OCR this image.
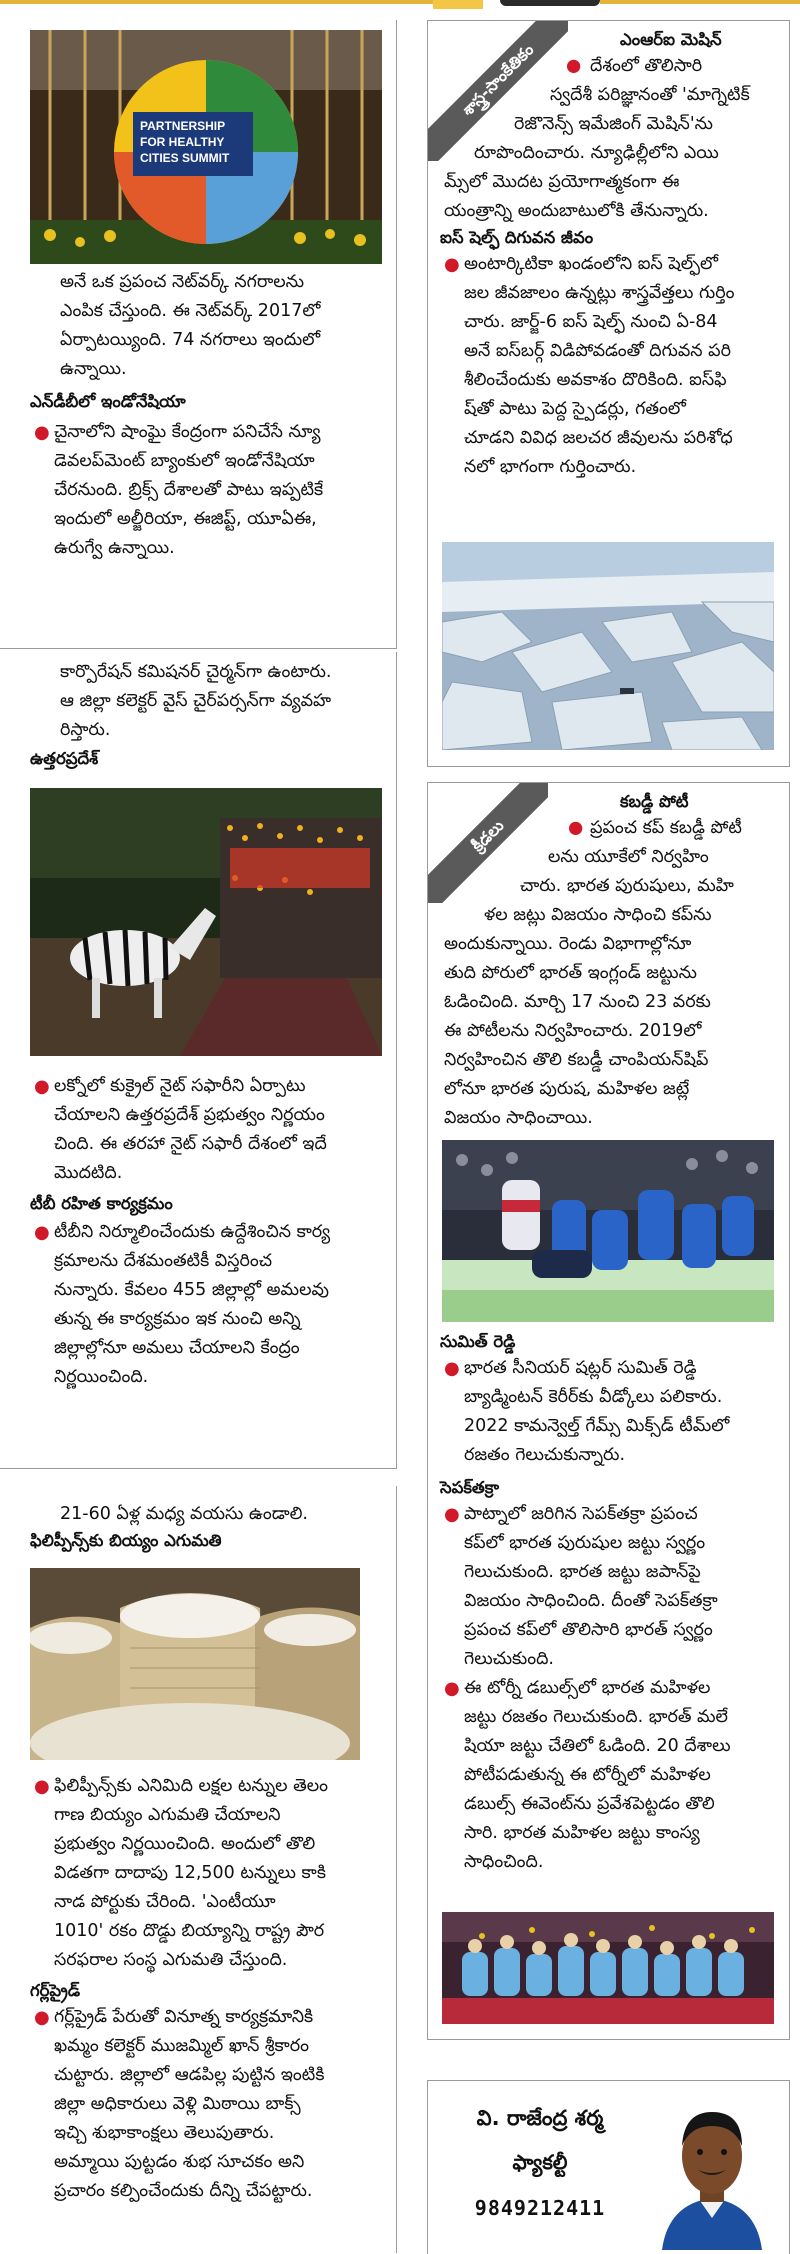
PARTNERSHIP
FOR HEALTHY
CITIES SUMMIT
అనే ఒక ప్రపంచ నెట్‌వర్క్ నగరాలను
ఎంపిక చేస్తుంది. ఈ నెట్‌వర్క్ 2017లో
ఏర్పాటయ్యింది. 74 నగరాలు ఇందులో
ఉన్నాయి.
ఎన్‌డీబీలో ఇండోనేషియా
● చైనాలోని షాంఘై కేంద్రంగా పనిచేసే న్యూ
డెవలప్‌మెంట్ బ్యాంకులో ఇండోనేషియా
చేరనుంది. బ్రిక్స్ దేశాలతో పాటు ఇప్పటికే
ఇందులో అల్జీరియా, ఈజిప్ట్, యూఏఈ,
ఉరుగ్వే ఉన్నాయి.
కార్పొరేషన్ కమిషనర్ చైర్మన్‌గా ఉంటారు.
ఆ జిల్లా కలెక్టర్ వైస్ చైర్‌పర్సన్‌గా వ్యవహ
రిస్తారు.
ఉత్తరప్రదేశ్
● లక్నోలో కుక్రైల్ నైట్ సఫారీని ఏర్పాటు
చేయాలని ఉత్తరప్రదేశ్ ప్రభుత్వం నిర్ణయం
చింది. ఈ తరహా నైట్ సఫారీ దేశంలో ఇదే
మొదటిది.
టీబీ రహిత కార్యక్రమం
● టీబీని నిర్మూలించేందుకు ఉద్దేశించిన కార్య
క్రమాలను దేశమంతటికీ విస్తరించ
నున్నారు. కేవలం 455 జిల్లాల్లో అమలవు
తున్న ఈ కార్యక్రమం ఇక నుంచి అన్ని
జిల్లాల్లోనూ అమలు చేయాలని కేంద్రం
నిర్ణయించింది.
21-60 ఏళ్ల మధ్య వయసు ఉండాలి.
ఫిలిప్పీన్స్‌కు బియ్యం ఎగుమతి
● ఫిలిప్పీన్స్‌కు ఎనిమిది లక్షల టన్నుల తెలం
గాణ బియ్యం ఎగుమతి చేయాలని
ప్రభుత్వం నిర్ణయించింది. అందులో తొలి
విడతగా దాదాపు 12,500 టన్నులు కాకి
నాడ పోర్టుకు చేరింది. 'ఎంటీయూ
1010' రకం దొడ్డు బియ్యాన్ని రాష్ట్ర పౌర
సరఫరాల సంస్థ ఎగుమతి చేస్తుంది.
గర్ల్‌ప్రైడ్
● గర్ల్‌ప్రైడ్ పేరుతో వినూత్న కార్యక్రమానికి
ఖమ్మం కలెక్టర్ ముజమ్మిల్ ఖాన్ శ్రీకారం
చుట్టారు. జిల్లాలో ఆడపిల్ల పుట్టిన ఇంటికి
జిల్లా అధికారులు వెళ్లి మిఠాయి బాక్స్
ఇచ్చి శుభాకాంక్షలు తెలుపుతారు.
అమ్మాయి పుట్టడం శుభ సూచకం అని
ప్రచారం కల్పించేందుకు దీన్ని చేపట్టారు.
శాస్త్ర-సాంకేతికం
ఎంఆర్ఐ మెషిన్
● దేశంలో తొలిసారి
స్వదేశీ పరిజ్ఞానంతో 'మాగ్నెటిక్
రెజొనెన్స్ ఇమేజింగ్ మెషిన్'ను
రూపొందించారు. న్యూఢిల్లీలోని ఎయి
మ్స్‌లో మొదట ప్రయోగాత్మకంగా ఈ
యంత్రాన్ని అందుబాటులోకి తేనున్నారు.
ఐస్ షెల్ఫ్ దిగువన జీవం
● అంటార్కిటికా ఖండంలోని ఐస్ షెల్ఫ్‌లో
జల జీవజాలం ఉన్నట్లు శాస్త్రవేత్తలు గుర్తిం
చారు. జార్జ్-6 ఐస్ షెల్ఫ్ నుంచి ఏ-84
అనే ఐస్‌బర్గ్ విడిపోవడంతో దిగువన పరి
శీలించేందుకు అవకాశం దొరికింది. ఐస్‌ఫి
ష్‌తో పాటు పెద్ద స్పైడర్లు, గతంలో
చూడని వివిధ జలచర జీవులను పరిశోధ
నలో భాగంగా గుర్తించారు.
క్రీడలు
కబడ్డీ పోటీ
● ప్రపంచ కప్ కబడ్డీ పోటీ
లను యూకేలో నిర్వహిం
చారు. భారత పురుషులు, మహి
ళల జట్లు విజయం సాధించి కప్‌ను
అందుకున్నాయి. రెండు విభాగాల్లోనూ
తుది పోరులో భారత్ ఇంగ్లండ్ జట్టును
ఓడించింది. మార్చి 17 నుంచి 23 వరకు
ఈ పోటీలను నిర్వహించారు. 2019లో
నిర్వహించిన తొలి కబడ్డీ చాంపియన్‌షిప్
లోనూ భారత పురుష, మహిళల జట్లే
విజయం సాధించాయి.
సుమిత్ రెడ్డి
● భారత సీనియర్ షట్లర్ సుమిత్ రెడ్డి
బ్యాడ్మింటన్ కెరీర్‌కు వీడ్కోలు పలికారు.
2022 కామన్వెల్త్ గేమ్స్ మిక్స్‌డ్ టీమ్‌లో
రజతం గెలుచుకున్నారు.
సెపక్‌తక్రా
● పాట్నాలో జరిగిన సెపక్‌తక్రా ప్రపంచ
కప్‌లో భారత పురుషుల జట్టు స్వర్ణం
గెలుచుకుంది. భారత జట్టు జపాన్‌పై
విజయం సాధించింది. దీంతో సెపక్‌తక్రా
ప్రపంచ కప్‌లో తొలిసారి భారత్ స్వర్ణం
గెలుచుకుంది.
● ఈ టోర్నీ డబుల్స్‌లో భారత మహిళల
జట్టు రజతం గెలుచుకుంది. భారత్ మలే
షియా జట్టు చేతిలో ఓడింది. 20 దేశాలు
పోటీపడుతున్న ఈ టోర్నీలో మహిళల
డబుల్స్ ఈవెంట్‌ను ప్రవేశపెట్టడం తొలి
సారి. భారత మహిళల జట్టు కాంస్య
సాధించింది.
వి. రాజేంద్ర శర్మ
ఫ్యాకల్టీ
9849212411
